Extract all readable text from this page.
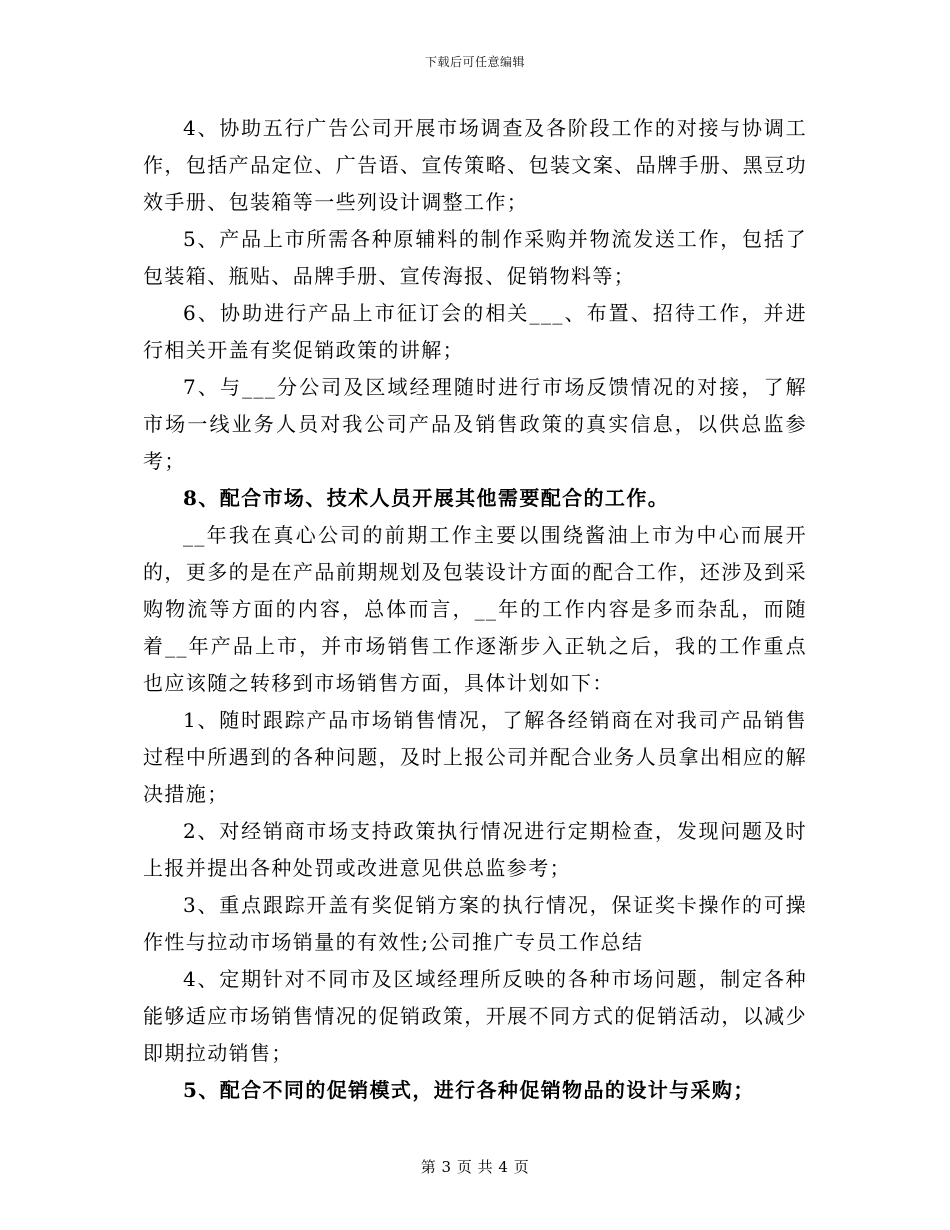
下载后可任意编辑

4、协助五行广告公司开展市场调查及各阶段工作的对接与协调工作，包括产品定位、广告语、宣传策略、包装文案、品牌手册、黑豆功效手册、包装箱等一些列设计调整工作；

5、产品上市所需各种原辅料的制作采购并物流发送工作，包括了包装箱、瓶贴、品牌手册、宣传海报、促销物料等；

6、协助进行产品上市征订会的相关___、布置、招待工作，并进行相关开盖有奖促销政策的讲解；

7、与___分公司及区域经理随时进行市场反馈情况的对接，了解市场一线业务人员对我公司产品及销售政策的真实信息，以供总监参考；

8、配合市场、技术人员开展其他需要配合的工作。

__年我在真心公司的前期工作主要以围绕酱油上市为中心而展开的，更多的是在产品前期规划及包装设计方面的配合工作，还涉及到采购物流等方面的内容，总体而言，__年的工作内容是多而杂乱，而随着__年产品上市，并市场销售工作逐渐步入正轨之后，我的工作重点也应该随之转移到市场销售方面，具体计划如下：

1、随时跟踪产品市场销售情况，了解各经销商在对我司产品销售过程中所遇到的各种问题，及时上报公司并配合业务人员拿出相应的解决措施；

2、对经销商市场支持政策执行情况进行定期检查，发现问题及时上报并提出各种处罚或改进意见供总监参考；

3、重点跟踪开盖有奖促销方案的执行情况，保证奖卡操作的可操作性与拉动市场销量的有效性;公司推广专员工作总结

4、定期针对不同市及区域经理所反映的各种市场问题，制定各种能够适应市场销售情况的促销政策，开展不同方式的促销活动，以减少即期拉动销售；

5、配合不同的促销模式，进行各种促销物品的设计与采购；

第 3 页 共 4 页
